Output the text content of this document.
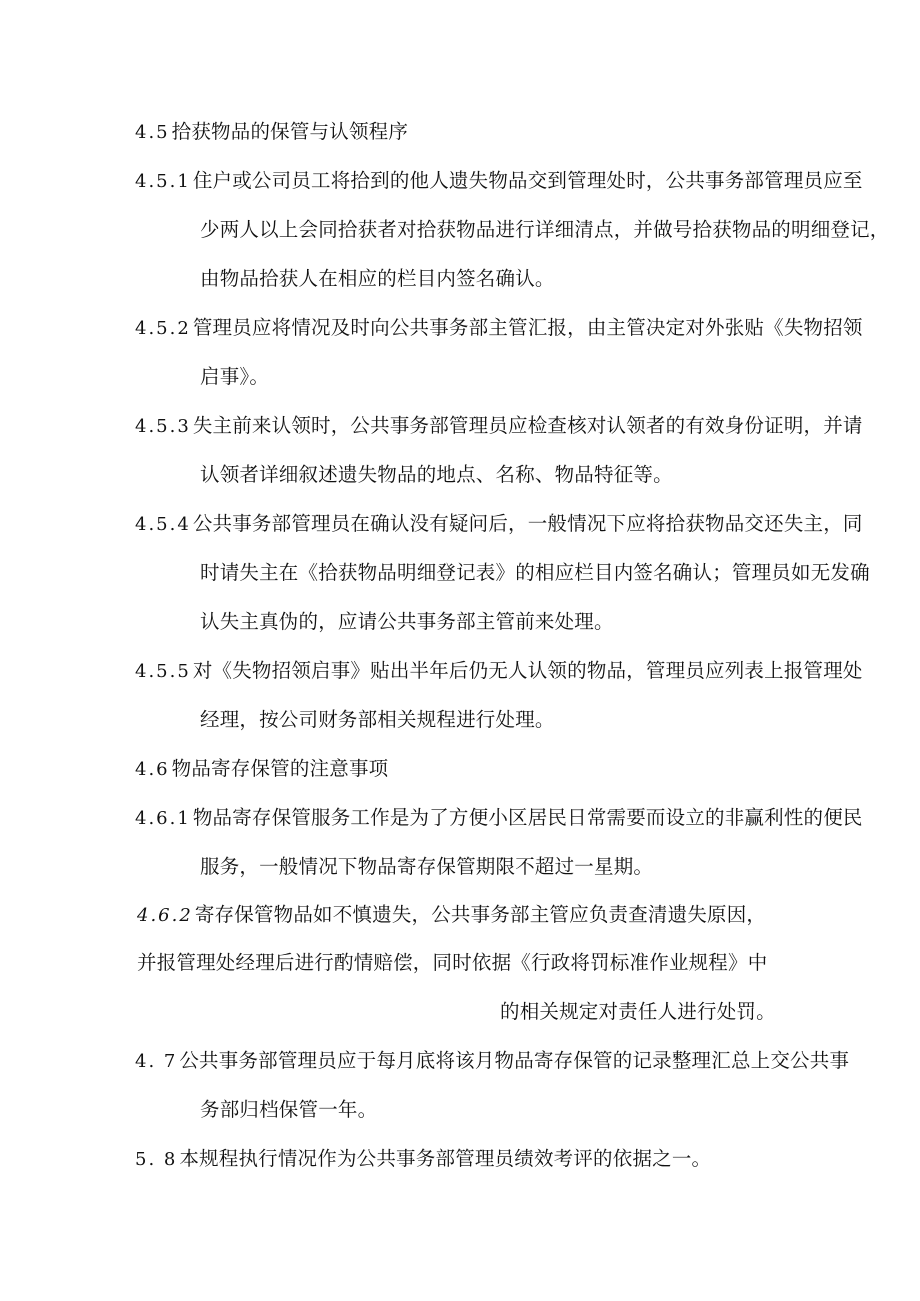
4.5 拾获物品的保管与认领程序
4.5.1 住户或公司员工将拾到的他人遗失物品交到管理处时，公共事务部管理员应至
少两人以上会同拾获者对拾获物品进行详细清点，并做号拾获物品的明细登记，
由物品拾获人在相应的栏目内签名确认。
4.5.2 管理员应将情况及时向公共事务部主管汇报，由主管决定对外张贴《失物招领
启事》。
4.5.3 失主前来认领时，公共事务部管理员应检查核对认领者的有效身份证明，并请
认领者详细叙述遗失物品的地点、名称、物品特征等。
4.5.4 公共事务部管理员在确认没有疑问后，一般情况下应将拾获物品交还失主，同
时请失主在《拾获物品明细登记表》的相应栏目内签名确认；管理员如无发确
认失主真伪的，应请公共事务部主管前来处理。
4.5.5 对《失物招领启事》贴出半年后仍无人认领的物品，管理员应列表上报管理处
经理，按公司财务部相关规程进行处理。
4.6 物品寄存保管的注意事项
4.6.1 物品寄存保管服务工作是为了方便小区居民日常需要而设立的非赢利性的便民
服务，一般情况下物品寄存保管期限不超过一星期。
4.6.2 寄存保管物品如不慎遗失，公共事务部主管应负责查清遗失原因，
并报管理处经理后进行酌情赔偿，同时依据《行政将罚标准作业规程》中
的相关规定对责任人进行处罚。
4. 7 公共事务部管理员应于每月底将该月物品寄存保管的记录整理汇总上交公共事
务部归档保管一年。
5. 8 本规程执行情况作为公共事务部管理员绩效考评的依据之一。
